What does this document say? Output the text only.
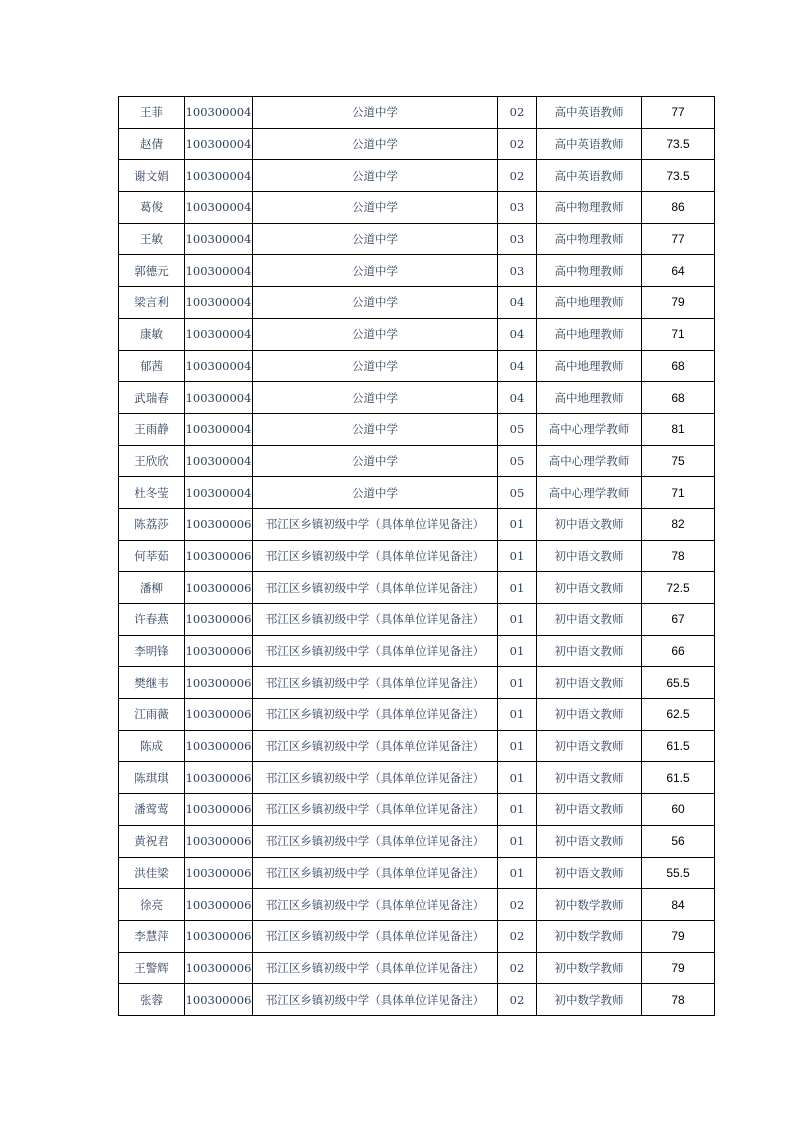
王菲	100300004	公道中学	02	高中英语教师	77
赵倩	100300004	公道中学	02	高中英语教师	73.5
谢文娟	100300004	公道中学	02	高中英语教师	73.5
葛俊	100300004	公道中学	03	高中物理教师	86
王敏	100300004	公道中学	03	高中物理教师	77
郭德元	100300004	公道中学	03	高中物理教师	64
梁言利	100300004	公道中学	04	高中地理教师	79
康敏	100300004	公道中学	04	高中地理教师	71
郁茜	100300004	公道中学	04	高中地理教师	68
武瑞春	100300004	公道中学	04	高中地理教师	68
王雨静	100300004	公道中学	05	高中心理学教师	81
王欣欣	100300004	公道中学	05	高中心理学教师	75
杜冬莹	100300004	公道中学	05	高中心理学教师	71
陈荔莎	100300006	邗江区乡镇初级中学（具体单位详见备注）	01	初中语文教师	82
何莘茹	100300006	邗江区乡镇初级中学（具体单位详见备注）	01	初中语文教师	78
潘柳	100300006	邗江区乡镇初级中学（具体单位详见备注）	01	初中语文教师	72.5
许春燕	100300006	邗江区乡镇初级中学（具体单位详见备注）	01	初中语文教师	67
李明锋	100300006	邗江区乡镇初级中学（具体单位详见备注）	01	初中语文教师	66
樊继韦	100300006	邗江区乡镇初级中学（具体单位详见备注）	01	初中语文教师	65.5
江雨薇	100300006	邗江区乡镇初级中学（具体单位详见备注）	01	初中语文教师	62.5
陈成	100300006	邗江区乡镇初级中学（具体单位详见备注）	01	初中语文教师	61.5
陈琪琪	100300006	邗江区乡镇初级中学（具体单位详见备注）	01	初中语文教师	61.5
潘莺莺	100300006	邗江区乡镇初级中学（具体单位详见备注）	01	初中语文教师	60
黄祝君	100300006	邗江区乡镇初级中学（具体单位详见备注）	01	初中语文教师	56
洪佳梁	100300006	邗江区乡镇初级中学（具体单位详见备注）	01	初中语文教师	55.5
徐亮	100300006	邗江区乡镇初级中学（具体单位详见备注）	02	初中数学教师	84
李慧萍	100300006	邗江区乡镇初级中学（具体单位详见备注）	02	初中数学教师	79
王警辉	100300006	邗江区乡镇初级中学（具体单位详见备注）	02	初中数学教师	79
张蓉	100300006	邗江区乡镇初级中学（具体单位详见备注）	02	初中数学教师	78
